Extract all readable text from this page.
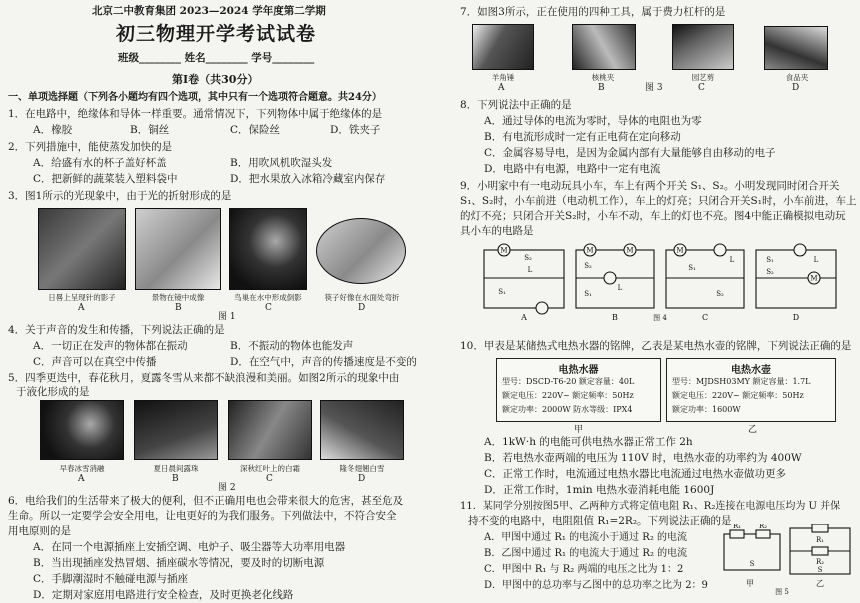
北京二中教育集团 2023—2024 学年度第二学期
初三物理开学考试试卷
班级________ 姓名________ 学号________
第Ⅰ卷（共30分）
一、单项选择题（下列各小题均有四个选项，其中只有一个选项符合题意。共24分）
1．在电路中，绝缘体和导体一样重要。通常情况下，下列物体中属于绝缘体的是
A．橡胶	B．铜丝	C．保险丝	D．铁夹子
2．下列措施中，能使蒸发加快的是
A．给盛有水的杯子盖好杯盖	B．用吹风机吹湿头发
C．把新鲜的蔬菜装入塑料袋中	D．把水果放入冰箱冷藏室内保存
3．图1所示的光现象中，由于光的折射形成的是
日晷上呈现针的影子	景物在镜中成像	鸟巢在水中形成倒影	筷子好像在水面处弯折
A	B	C	D
图 1
4．关于声音的发生和传播，下列说法正确的是
A．一切正在发声的物体都在振动	B．不振动的物体也能发声
C．声音可以在真空中传播	D．在空气中，声音的传播速度是不变的
5．四季更迭中，春花秋月，夏露冬雪从来都不缺浪漫和美丽。如图2所示的现象中由
于液化形成的是
早春冰雪消融	夏日晨间露珠	深秋红叶上的白霜	隆冬翅翘白雪
A	B	C	D
图 2
6．电给我们的生活带来了极大的便利，但不正确用电也会带来很大的危害，甚至危及
生命。所以一定要学会安全用电，让电更好的为我们服务。下列做法中，不符合安全
用电原则的是
A．在同一个电源插座上安插空调、电炉子、吸尘器等大功率用电器
B．当出现插座发热冒烟、插座碳水等情况，要及时的切断电源
C．手脚潮湿时不触碰电源与插座
D．定期对家庭用电路进行安全检查，及时更换老化线路
7．如图3所示，正在使用的四种工具，属于费力杠杆的是
羊角锤	核桃夹	园艺剪	食品夹
A	B	C	D
图 3
8．下列说法中正确的是
A．通过导体的电流为零时，导体的电阻也为零
B．有电流形成时一定有正电荷在定向移动
C．金属容易导电，是因为金属内部有大量能够自由移动的电子
D．电路中有电源，电路中一定有电流
9．小明家中有一电动玩具小车，车上有两个开关 S₁、S₂。小明发现同时闭合开关
S₁、S₂时，小车前进（电动机工作），车上的灯亮；只闭合开关S₁时，小车前进，车上
的灯不亮；只闭合开关S₂时，小车不动，车上的灯也不亮。图4中能正确模拟电动玩
具小车的电路是
M	M	M	M
M
L
L
L	L
S₂
S₁
S₂
S₁
S₁
S₂
S₁
S₂
A	B	C	D
图 4
10．甲表是某储热式电热水器的铭牌，乙表是某电热水壶的铭牌，下列说法正确的是
电热水器
型号：DSCD-T6-20 额定容量：40L
额定电压：220V~ 额定频率：50Hz
额定功率：2000W 防水等级：IPX4
电热水壶
型号：MJDSH03MY 额定容量：1.7L
额定电压：220V~ 额定频率：50Hz
额定功率：1600W
甲	乙
A．1kW·h 的电能可供电热水器正常工作 2h
B．若电热水壶两端的电压为 110V 时，电热水壶的功率约为 400W
C．正常工作时，电流通过电热水器比电流通过电热水壶做功更多
D．正常工作时，1min 电热水壶消耗电能 1600J
11．某同学分别按图5甲、乙两种方式将定值电阻 R₁、R₂连接在电源电压均为 U 并保
持不变的电路中，电阻阻值 R₁=2R₂。下列说法正确的是
A．甲图中通过 R₁ 的电流小于通过 R₂ 的电流
B．乙图中通过 R₁ 的电流大于通过 R₂ 的电流
C．甲图中 R₁ 与 R₂ 两端的电压之比为 1：2
D．甲图中的总功率与乙图中的总功率之比为 2：9
R₁	R₂
R₁
R₂
S
S
甲	乙
图 5
